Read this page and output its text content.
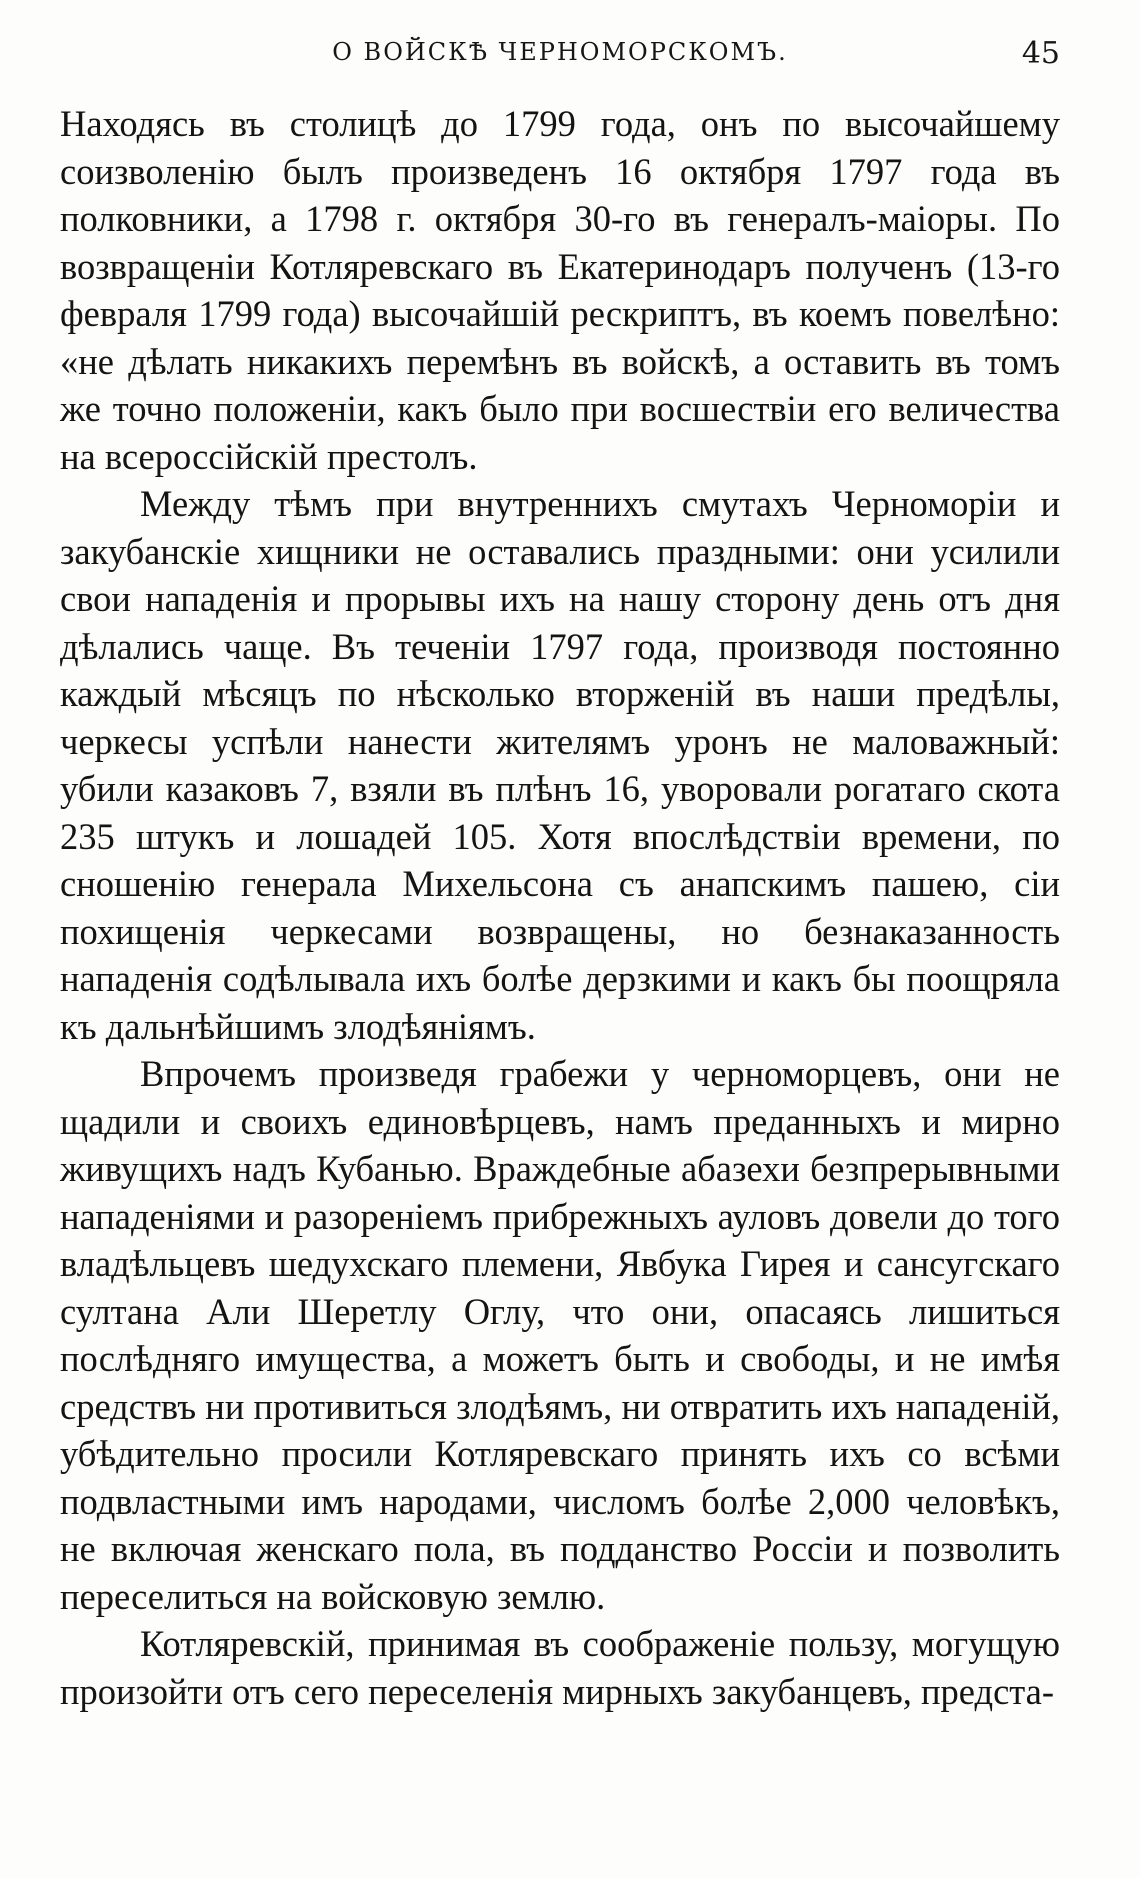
О ВОЙСКѢ ЧЕРНОМОРСКОМЪ.	45

Находясь въ столицѣ до 1799 года, онъ по высочайшему соизволенію былъ произведенъ 16 октября 1797 года въ полковники, а 1798 г. октября 30-го въ генералъ-маіоры. По возвращеніи Котляревскаго въ Екатеринодаръ полученъ (13-го февраля 1799 года) высочайшій рескриптъ, въ коемъ повелѣно: «не дѣлать никакихъ перемѣнъ въ войскѣ, а оставить въ томъ же точно положеніи, какъ было при восшествіи его величества на всероссійскій престолъ.

Между тѣмъ при внутреннихъ смутахъ Черноморіи и закубанскіе хищники не оставались праздными: они усилили свои нападенія и прорывы ихъ на нашу сторону день отъ дня дѣлались чаще. Въ теченіи 1797 года, производя постоянно каждый мѣсяцъ по нѣсколько вторженій въ наши предѣлы, черкесы успѣли нанести жителямъ уронъ не маловажный: убили казаковъ 7, взяли въ плѣнъ 16, уворовали рогатаго скота 235 штукъ и лошадей 105. Хотя впослѣдствіи времени, по сношенію генерала Михельсона съ анапскимъ пашею, сіи похищенія черкесами возвращены, но безнаказанность нападенія содѣлывала ихъ болѣе дерзкими и какъ бы поощряла къ дальнѣйшимъ злодѣяніямъ.

Впрочемъ произведя грабежи у черноморцевъ, они не щадили и своихъ единовѣрцевъ, намъ преданныхъ и мирно живущихъ надъ Кубанью. Враждебные абазехи безпрерывными нападеніями и разореніемъ прибрежныхъ ауловъ довели до того владѣльцевъ шедухскаго племени, Явбука Гирея и сансугскаго султана Али Шеретлу Оглу, что они, опасаясь лишиться послѣдняго имущества, а можетъ быть и свободы, и не имѣя средствъ ни противиться злодѣямъ, ни отвратить ихъ нападеній, убѣдительно просили Котляревскаго принять ихъ со всѣми подвластными имъ народами, числомъ болѣе 2,000 человѣкъ, не включая женскаго пола, въ подданство Россіи и позволить переселиться на войсковую землю.

Котляревскій, принимая въ соображеніе пользу, могущую произойти отъ сего переселенія мирныхъ закубанцевъ, предста-
